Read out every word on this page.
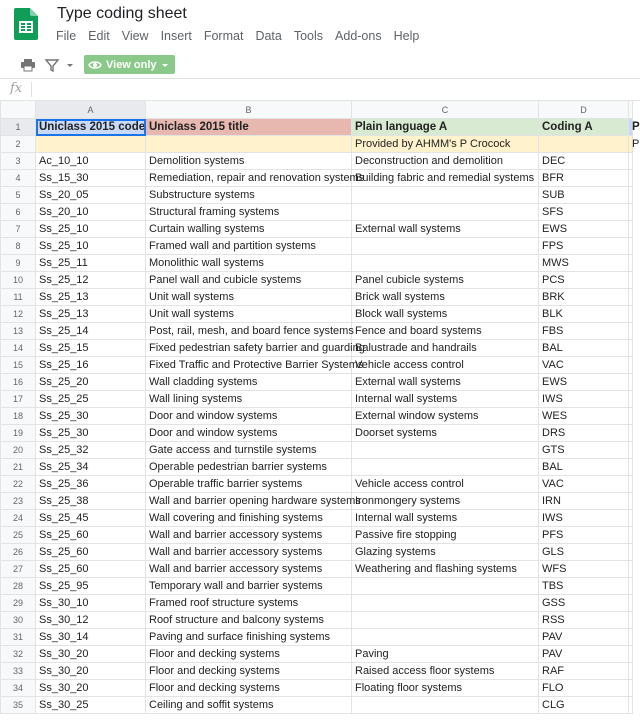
Type coding sheet
File Edit View Insert Format Data Tools Add-ons Help
View only
fx
	A	B	C	D	
1	Uniclass 2015 code	Uniclass 2015 title	Plain language A	Coding A	P
2			Provided by AHMM's P Crocock		P
3	Ac_10_10	Demolition systems	Deconstruction and demolition	DEC	
4	Ss_15_30	Remediation, repair and renovation systems	Building fabric and remedial systems	BFR	
5	Ss_20_05	Substructure systems		SUB	
6	Ss_20_10	Structural framing systems		SFS	
7	Ss_25_10	Curtain walling systems	External wall systems	EWS	
8	Ss_25_10	Framed wall and partition systems		FPS	
9	Ss_25_11	Monolithic wall systems		MWS	
10	Ss_25_12	Panel wall and cubicle systems	Panel cubicle systems	PCS	
11	Ss_25_13	Unit wall systems	Brick wall systems	BRK	
12	Ss_25_13	Unit wall systems	Block wall systems	BLK	
13	Ss_25_14	Post, rail, mesh, and board fence systems	Fence and board systems	FBS	
14	Ss_25_15	Fixed pedestrian safety barrier and guarding	Balustrade and handrails	BAL	
15	Ss_25_16	Fixed Traffic and Protective Barrier Systems	Vehicle access control	VAC	
16	Ss_25_20	Wall cladding systems	External wall systems	EWS	
17	Ss_25_25	Wall lining systems	Internal wall systems	IWS	
18	Ss_25_30	Door and window systems	External window systems	WES	
19	Ss_25_30	Door and window systems	Doorset systems	DRS	
20	Ss_25_32	Gate access and turnstile systems		GTS	
21	Ss_25_34	Operable pedestrian barrier systems		BAL	
22	Ss_25_36	Operable traffic barrier systems	Vehicle access control	VAC	
23	Ss_25_38	Wall and barrier opening hardware systems	Ironmongery systems	IRN	
24	Ss_25_45	Wall covering and finishing systems	Internal wall systems	IWS	
25	Ss_25_60	Wall and barrier accessory systems	Passive fire stopping	PFS	
26	Ss_25_60	Wall and barrier accessory systems	Glazing systems	GLS	
27	Ss_25_60	Wall and barrier accessory systems	Weathering and flashing systems	WFS	
28	Ss_25_95	Temporary wall and barrier systems		TBS	
29	Ss_30_10	Framed roof structure systems		GSS	
30	Ss_30_12	Roof structure and balcony systems		RSS	
31	Ss_30_14	Paving and surface finishing systems		PAV	
32	Ss_30_20	Floor and decking systems	Paving	PAV	
33	Ss_30_20	Floor and decking systems	Raised access floor systems	RAF	
34	Ss_30_20	Floor and decking systems	Floating floor systems	FLO	
35	Ss_30_25	Ceiling and soffit systems		CLG	
